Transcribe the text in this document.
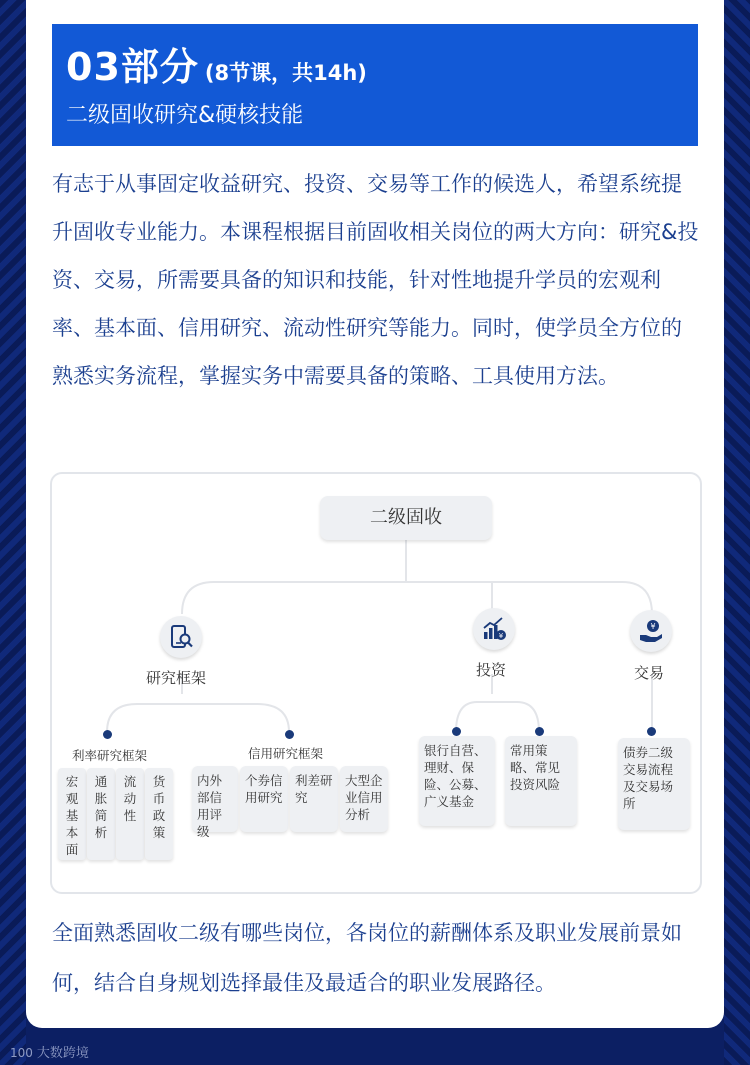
03部分 (8节课，共14h)
二级固收研究&硬核技能
有志于从事固定收益研究、投资、交易等工作的候选人，希望系统提升固收专业能力。本课程根据目前固收相关岗位的两大方向：研究&投资、交易，所需要具备的知识和技能，针对性地提升学员的宏观利率、基本面、信用研究、流动性研究等能力。同时，使学员全方位的熟悉实务流程，掌握实务中需要具备的策略、工具使用方法。
二级固收
研究框架
利率研究框架	信用研究框架
宏观基本面
通胀简析
流动性
货币政策
内外部信用评级
个券信用研究
利差研究
大型企业信用分析
¥
投资
银行自营、理财、保险、公募、广义基金
常用策略、常见投资风险
¥
交易
债券二级交易流程及交易场所
全面熟悉固收二级有哪些岗位，各岗位的薪酬体系及职业发展前景如何，结合自身规划选择最佳及最适合的职业发展路径。
100 大数跨境
